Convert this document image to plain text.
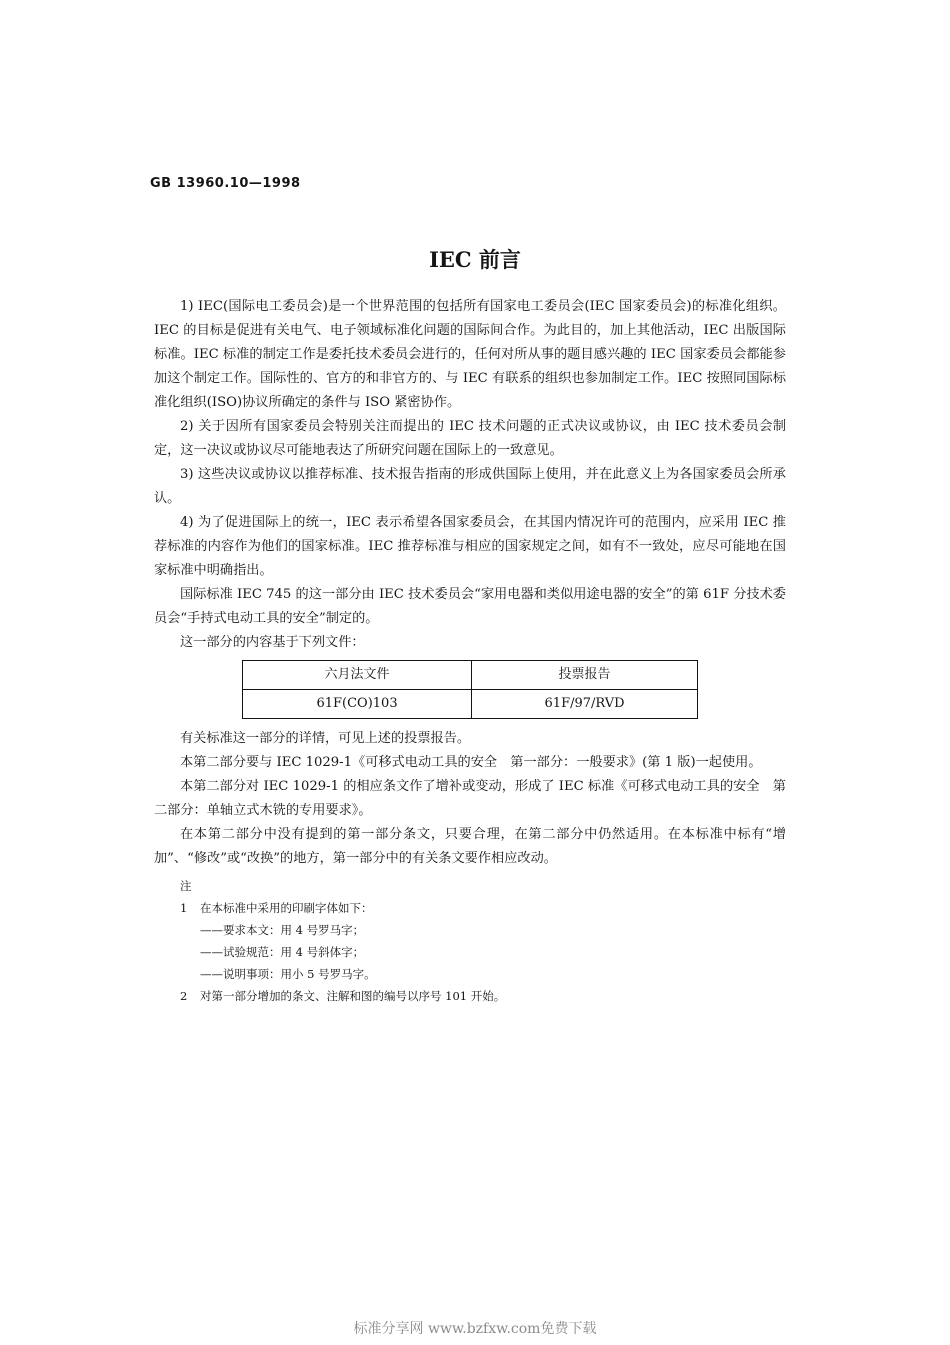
GB 13960.10—1998
IEC 前言

1) IEC(国际电工委员会)是一个世界范围的包括所有国家电工委员会(IEC 国家委员会)的标准化组织。IEC 的目标是促进有关电气、电子领域标准化问题的国际间合作。为此目的，加上其他活动，IEC 出版国际标准。IEC 标准的制定工作是委托技术委员会进行的，任何对所从事的题目感兴趣的 IEC 国家委员会都能参加这个制定工作。国际性的、官方的和非官方的、与 IEC 有联系的组织也参加制定工作。IEC 按照同国际标准化组织(ISO)协议所确定的条件与 ISO 紧密协作。

2) 关于因所有国家委员会特别关注而提出的 IEC 技术问题的正式决议或协议，由 IEC 技术委员会制定，这一决议或协议尽可能地表达了所研究问题在国际上的一致意见。

3) 这些决议或协议以推荐标准、技术报告指南的形成供国际上使用，并在此意义上为各国家委员会所承认。

4) 为了促进国际上的统一，IEC 表示希望各国家委员会，在其国内情况许可的范围内，应采用 IEC 推荐标准的内容作为他们的国家标准。IEC 推荐标准与相应的国家规定之间，如有不一致处，应尽可能地在国家标准中明确指出。

国际标准 IEC 745 的这一部分由 IEC 技术委员会“家用电器和类似用途电器的安全”的第 61F 分技术委员会“手持式电动工具的安全”制定的。

这一部分的内容基于下列文件：

六月法文件	投票报告
61F(CO)103	61F/97/RVD

有关标准这一部分的详情，可见上述的投票报告。

本第二部分要与 IEC 1029-1《可移式电动工具的安全　第一部分：一般要求》(第 1 版)一起使用。

本第二部分对 IEC 1029-1 的相应条文作了增补或变动，形成了 IEC 标准《可移式电动工具的安全　第二部分：单轴立式木铣的专用要求》。

在本第二部分中没有提到的第一部分条文，只要合理，在第二部分中仍然适用。在本标准中标有“增加”、“修改”或“改换”的地方，第一部分中的有关条文要作相应改动。

注
1 在本标准中采用的印刷字体如下：
——要求本文：用 4 号罗马字；
——试验规范：用 4 号斜体字；
——说明事项：用小 5 号罗马字。
2 对第一部分增加的条文、注解和图的编号以序号 101 开始。
标准分享网 www.bzfxw.com免费下载
